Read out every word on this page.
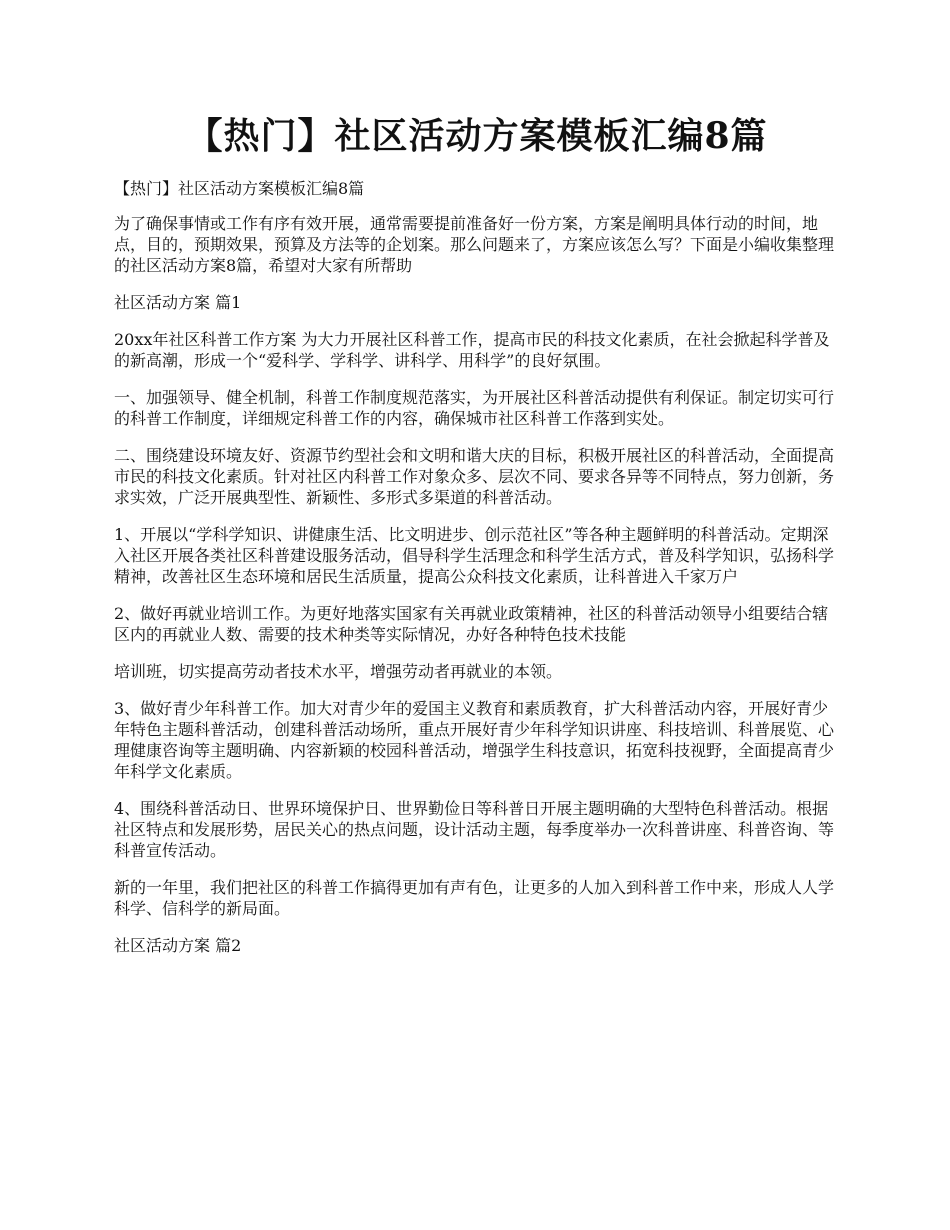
【热门】社区活动方案模板汇编8篇

【热门】社区活动方案模板汇编8篇

为了确保事情或工作有序有效开展，通常需要提前准备好一份方案，方案是阐明具体行动的时间，地点，目的，预期效果，预算及方法等的企划案。那么问题来了，方案应该怎么写？下面是小编收集整理的社区活动方案8篇，希望对大家有所帮助

社区活动方案 篇1

20xx年社区科普工作方案 为大力开展社区科普工作，提高市民的科技文化素质，在社会掀起科学普及的新高潮，形成一个“爱科学、学科学、讲科学、用科学”的良好氛围。

一、加强领导、健全机制，科普工作制度规范落实，为开展社区科普活动提供有利保证。制定切实可行的科普工作制度，详细规定科普工作的内容，确保城市社区科普工作落到实处。

二、围绕建设环境友好、资源节约型社会和文明和谐大庆的目标，积极开展社区的科普活动，全面提高市民的科技文化素质。针对社区内科普工作对象众多、层次不同、要求各异等不同特点，努力创新，务求实效，广泛开展典型性、新颖性、多形式多渠道的科普活动。

1、开展以“学科学知识、讲健康生活、比文明进步、创示范社区”等各种主题鲜明的科普活动。定期深入社区开展各类社区科普建设服务活动，倡导科学生活理念和科学生活方式，普及科学知识，弘扬科学精神，改善社区生态环境和居民生活质量，提高公众科技文化素质，让科普进入千家万户

2、做好再就业培训工作。为更好地落实国家有关再就业政策精神，社区的科普活动领导小组要结合辖区内的再就业人数、需要的技术种类等实际情况，办好各种特色技术技能

培训班，切实提高劳动者技术水平，增强劳动者再就业的本领。

3、做好青少年科普工作。加大对青少年的爱国主义教育和素质教育，扩大科普活动内容，开展好青少年特色主题科普活动，创建科普活动场所，重点开展好青少年科学知识讲座、科技培训、科普展览、心理健康咨询等主题明确、内容新颖的校园科普活动，增强学生科技意识，拓宽科技视野，全面提高青少年科学文化素质。

4、围绕科普活动日、世界环境保护日、世界勤俭日等科普日开展主题明确的大型特色科普活动。根据社区特点和发展形势，居民关心的热点问题，设计活动主题，每季度举办一次科普讲座、科普咨询、等科普宣传活动。

新的一年里，我们把社区的科普工作搞得更加有声有色，让更多的人加入到科普工作中来，形成人人学科学、信科学的新局面。

社区活动方案 篇2
